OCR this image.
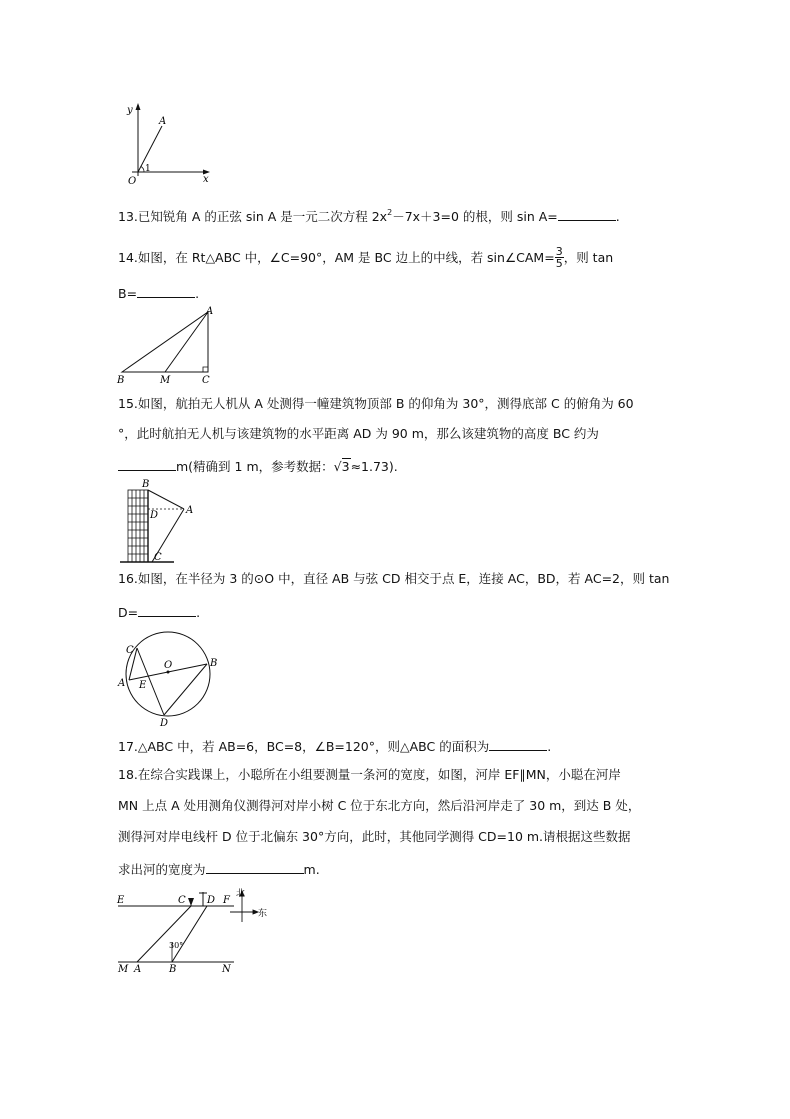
y
x
O
A
1
13.已知锐角 A 的正弦 sin A 是一元二次方程 $2x^2-7x+3=0$ 的根，则 sin A=	.
14.如图，在 Rt△ABC 中，∠C=90°，AM 是 BC 边上的中线，若 sin∠CAM= $\frac{3}{5}$ ，则 tan
B=	.
A
B	M	C
15.如图，航拍无人机从 A 处测得一幢建筑物顶部 B 的仰角为 30°，测得底部 C 的俯角为 60
°，此时航拍无人机与该建筑物的水平距离 AD 为 90 m，那么该建筑物的高度 BC 约为
m(精确到 1 m，参考数据：√3≈1.73).
B
D	A
C
16.如图，在半径为 3 的⊙O 中，直径 AB 与弦 CD 相交于点 E，连接 AC，BD，若 AC=2，则 tan
D=	.
C
O	B
A E
D
17.△ABC 中，若 AB=6，BC=8，∠B=120°，则△ABC 的面积为	.
18.在综合实践课上，小聪所在小组要测量一条河的宽度，如图，河岸 EF∥MN，小聪在河岸
MN 上点 A 处用测角仪测得河对岸小树 C 位于东北方向，然后沿河岸走了 30 m，到达 B 处，
测得河对岸电线杆 D 位于北偏东 30°方向，此时，其他同学测得 CD=10 m.请根据这些数据
求出河的宽度为	m.
E	C D F
北
东
30°
M A	B	N
